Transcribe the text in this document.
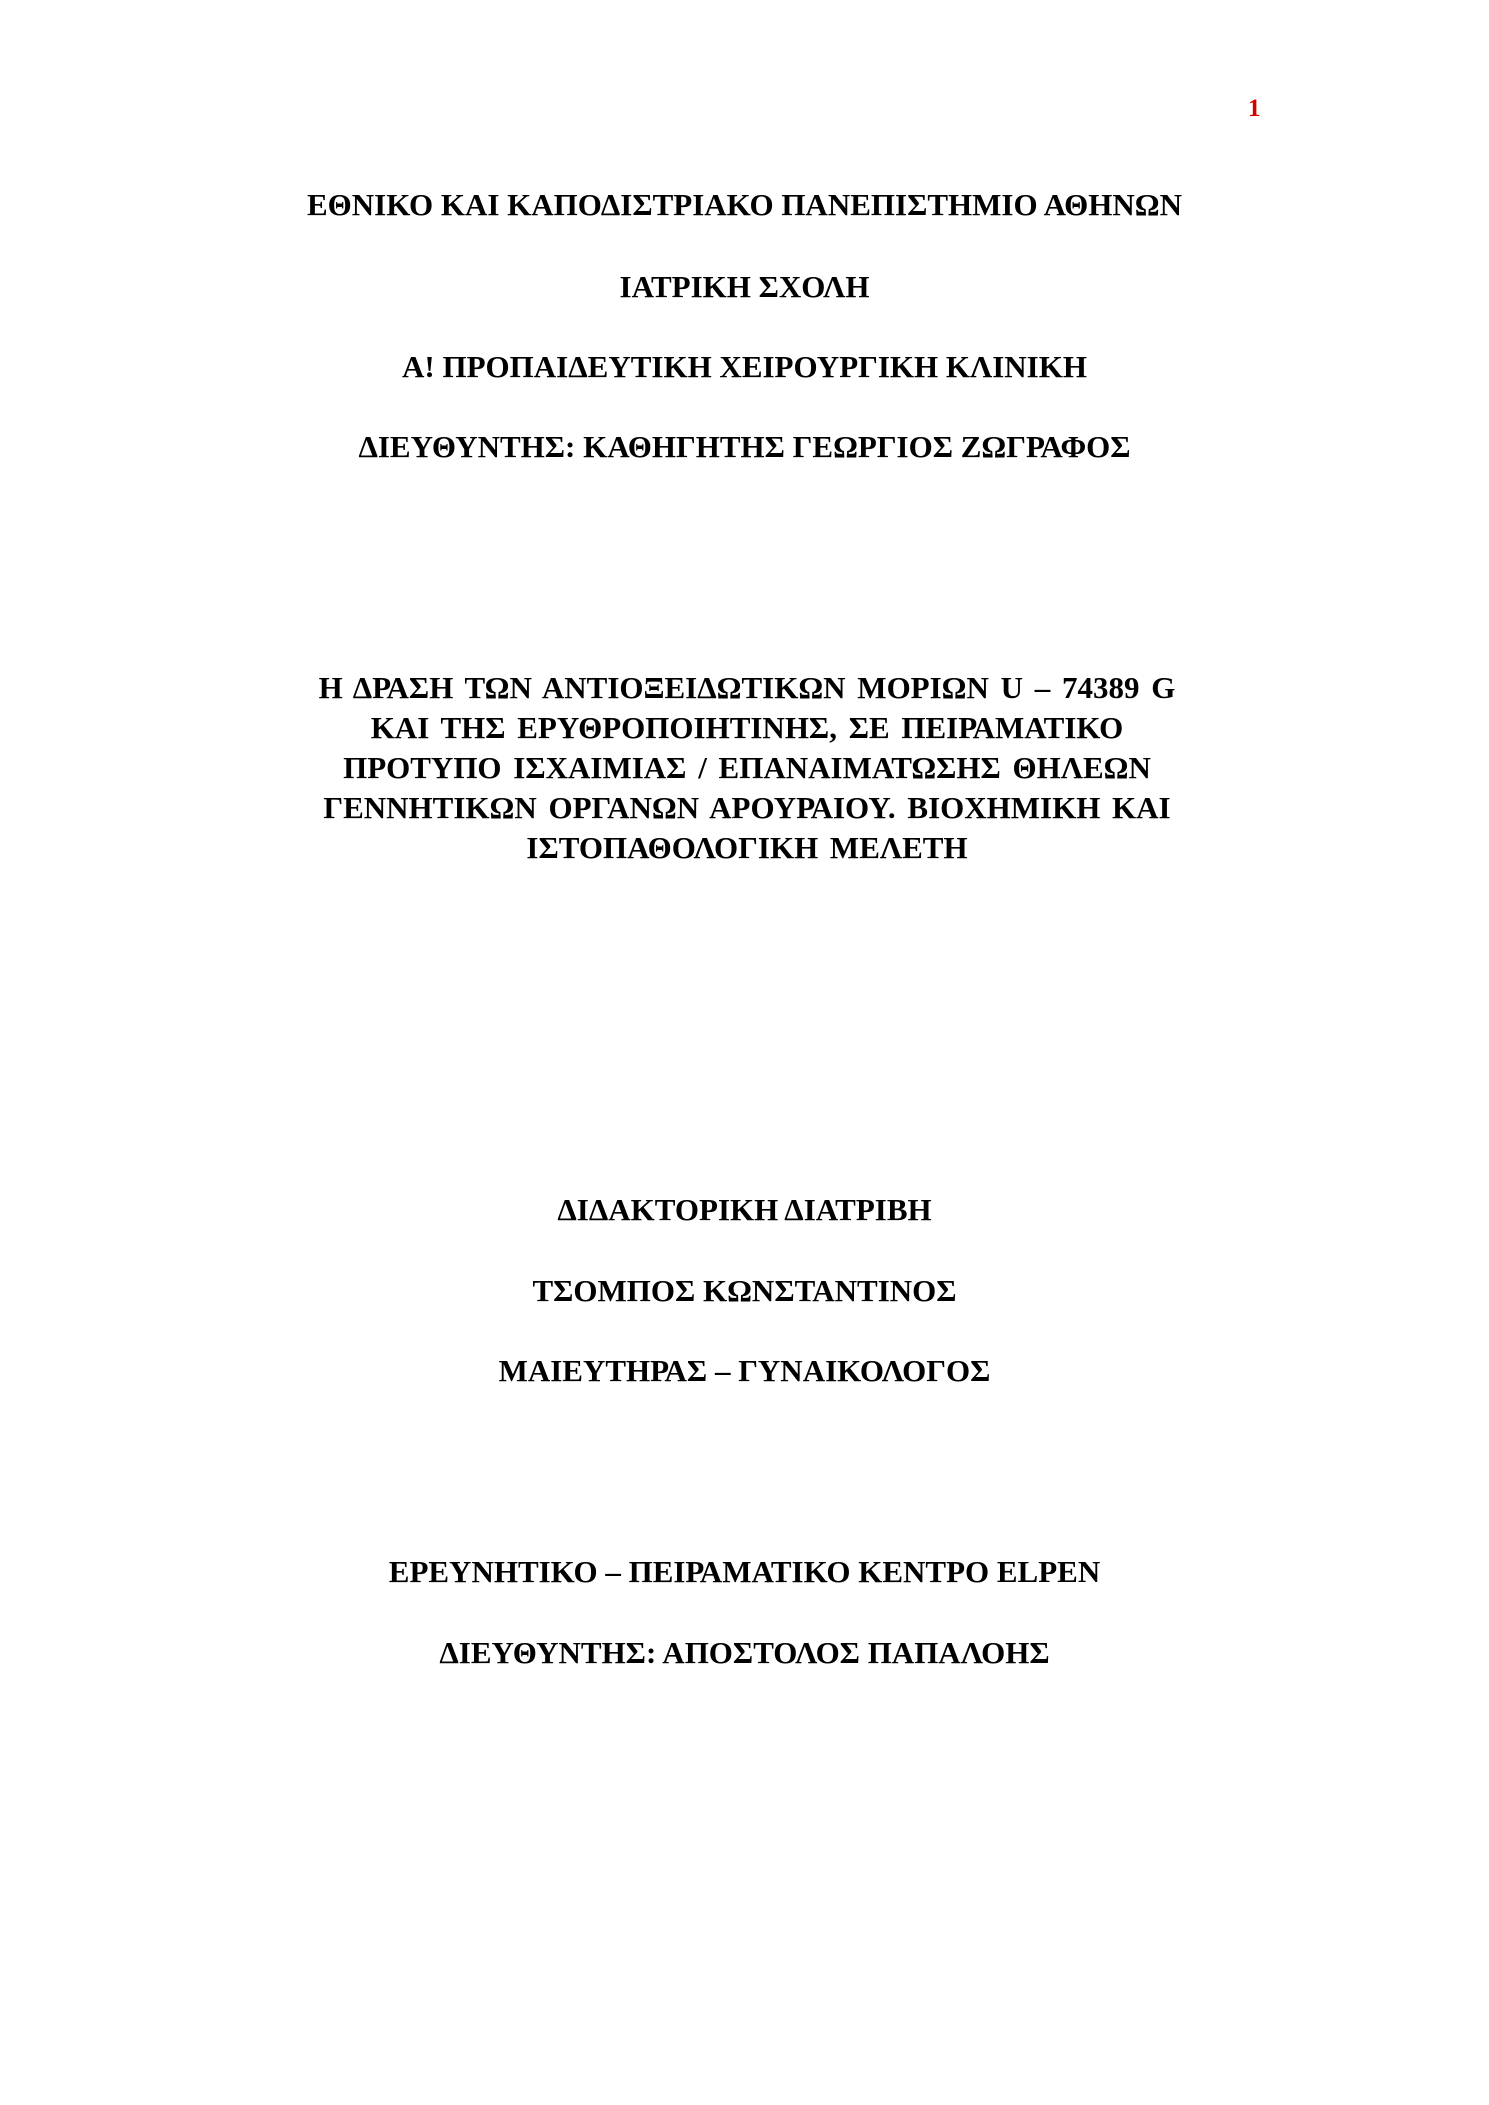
1
ΕΘΝΙΚΟ ΚΑΙ ΚΑΠΟΔΙΣΤΡΙΑΚΟ ΠΑΝΕΠΙΣΤΗΜΙΟ ΑΘΗΝΩΝ
ΙΑΤΡΙΚΗ ΣΧΟΛΗ
Α! ΠΡΟΠΑΙΔΕΥΤΙΚΗ ΧΕΙΡΟΥΡΓΙΚΗ ΚΛΙΝΙΚΗ
ΔΙΕΥΘΥΝΤΗΣ: ΚΑΘΗΓΗΤΗΣ ΓΕΩΡΓΙΟΣ ΖΩΓΡΑΦΟΣ
Η ΔΡΑΣΗ ΤΩΝ ΑΝΤΙΟΞΕΙΔΩΤΙΚΩΝ ΜΟΡΙΩΝ U – 74389 G
ΚΑΙ ΤΗΣ ΕΡΥΘΡΟΠΟΙΗΤΙΝΗΣ, ΣΕ ΠΕΙΡΑΜΑΤΙΚΟ
ΠΡΟΤΥΠΟ ΙΣΧΑΙΜΙΑΣ / ΕΠΑΝΑΙΜΑΤΩΣΗΣ ΘΗΛΕΩΝ
ΓΕΝΝΗΤΙΚΩΝ ΟΡΓΑΝΩΝ ΑΡΟΥΡΑΙΟΥ. ΒΙΟΧΗΜΙΚΗ ΚΑΙ
ΙΣΤΟΠΑΘΟΛΟΓΙΚΗ ΜΕΛΕΤΗ
ΔΙΔΑΚΤΟΡΙΚΗ ΔΙΑΤΡΙΒΗ
ΤΣΟΜΠΟΣ ΚΩΝΣΤΑΝΤΙΝΟΣ
ΜΑΙΕΥΤΗΡΑΣ – ΓΥΝΑΙΚΟΛΟΓΟΣ
ΕΡΕΥΝΗΤΙΚΟ – ΠΕΙΡΑΜΑΤΙΚΟ ΚΕΝΤΡΟ ELPEN
ΔΙΕΥΘΥΝΤΗΣ: ΑΠΟΣΤΟΛΟΣ ΠΑΠΑΛΟΗΣ
